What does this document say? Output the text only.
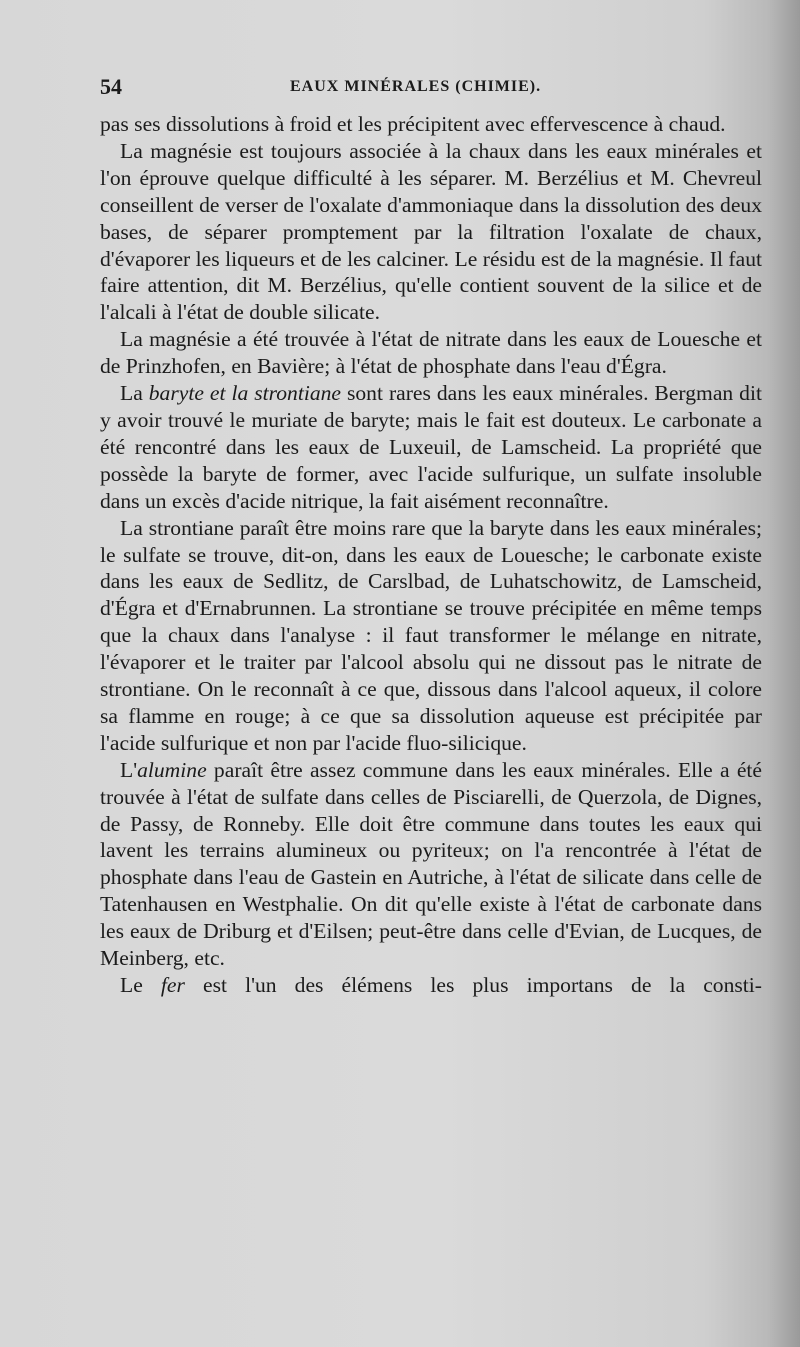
54	EAUX MINÉRALES (CHIMIE).

pas ses dissolutions à froid et les précipitent avec effervescence à chaud.

La magnésie est toujours associée à la chaux dans les eaux minérales et l'on éprouve quelque difficulté à les séparer. M. Berzélius et M. Chevreul conseillent de verser de l'oxalate d'ammoniaque dans la dissolution des deux bases, de séparer promptement par la filtration l'oxalate de chaux, d'évaporer les liqueurs et de les calciner. Le résidu est de la magnésie. Il faut faire attention, dit M. Berzélius, qu'elle contient souvent de la silice et de l'alcali à l'état de double silicate.

La magnésie a été trouvée à l'état de nitrate dans les eaux de Louesche et de Prinzhofen, en Bavière; à l'état de phosphate dans l'eau d'Égra.

La baryte et la strontiane sont rares dans les eaux minérales. Bergman dit y avoir trouvé le muriate de baryte; mais le fait est douteux. Le carbonate a été rencontré dans les eaux de Luxeuil, de Lamscheid. La propriété que possède la baryte de former, avec l'acide sulfurique, un sulfate insoluble dans un excès d'acide nitrique, la fait aisément reconnaître.

La strontiane paraît être moins rare que la baryte dans les eaux minérales; le sulfate se trouve, dit-on, dans les eaux de Louesche; le carbonate existe dans les eaux de Sedlitz, de Carslbad, de Luhatschowitz, de Lamscheid, d'Égra et d'Ernabrunnen. La strontiane se trouve précipitée en même temps que la chaux dans l'analyse : il faut transformer le mélange en nitrate, l'évaporer et le traiter par l'alcool absolu qui ne dissout pas le nitrate de strontiane. On le reconnaît à ce que, dissous dans l'alcool aqueux, il colore sa flamme en rouge; à ce que sa dissolution aqueuse est précipitée par l'acide sulfurique et non par l'acide fluo-silicique.

L'alumine paraît être assez commune dans les eaux minérales. Elle a été trouvée à l'état de sulfate dans celles de Pisciarelli, de Querzola, de Dignes, de Passy, de Ronneby. Elle doit être commune dans toutes les eaux qui lavent les terrains alumineux ou pyriteux; on l'a rencontrée à l'état de phosphate dans l'eau de Gastein en Autriche, à l'état de silicate dans celle de Tatenhausen en Westphalie. On dit qu'elle existe à l'état de carbonate dans les eaux de Driburg et d'Eilsen; peut-être dans celle d'Evian, de Lucques, de Meinberg, etc.

Le fer est l'un des élémens les plus importans de la consti-
